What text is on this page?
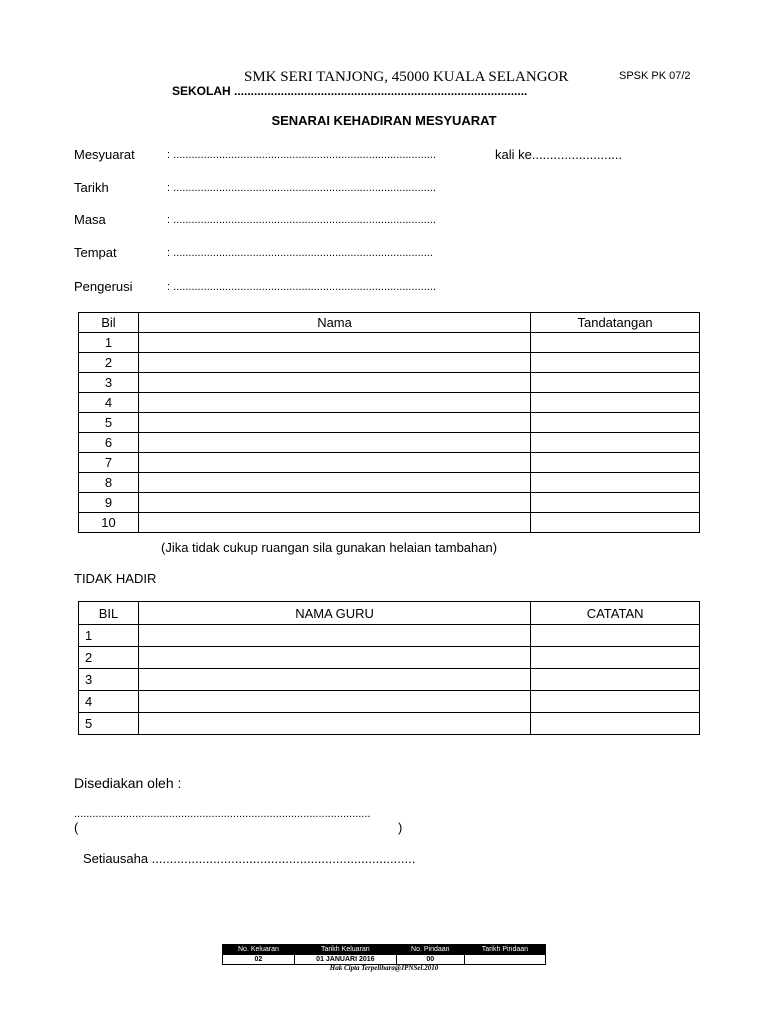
SMK SERI TANJONG, 45000 KUALA SELANGOR
SEKOLAH ........................................................................................
SPSK PK 07/2
SENARAI KEHADIRAN MESYUARAT
Mesyuarat	: ......................................................................................	kali ke.........................
Tarikh	: ......................................................................................
Masa	: ......................................................................................
Tempat	: .....................................................................................
Pengerusi	: ......................................................................................
Bil	Nama	Tandatangan
1		
2		
3		
4		
5		
6		
7		
8		
9		
10		
(Jika tidak cukup ruangan sila gunakan helaian tambahan)
TIDAK HADIR
BIL	NAMA GURU	CATATAN
1		
2		
3		
4		
5		
Disediakan oleh :
.................................................................................................
(	)
Setiausaha .........................................................................
No. Keluaran	Tarikh Keluaran	No. Pindaan	Tarikh Pindaan
02	01 JANUARI 2016	00	
Hak Cipta Terpelihara@JPNSel.2010
